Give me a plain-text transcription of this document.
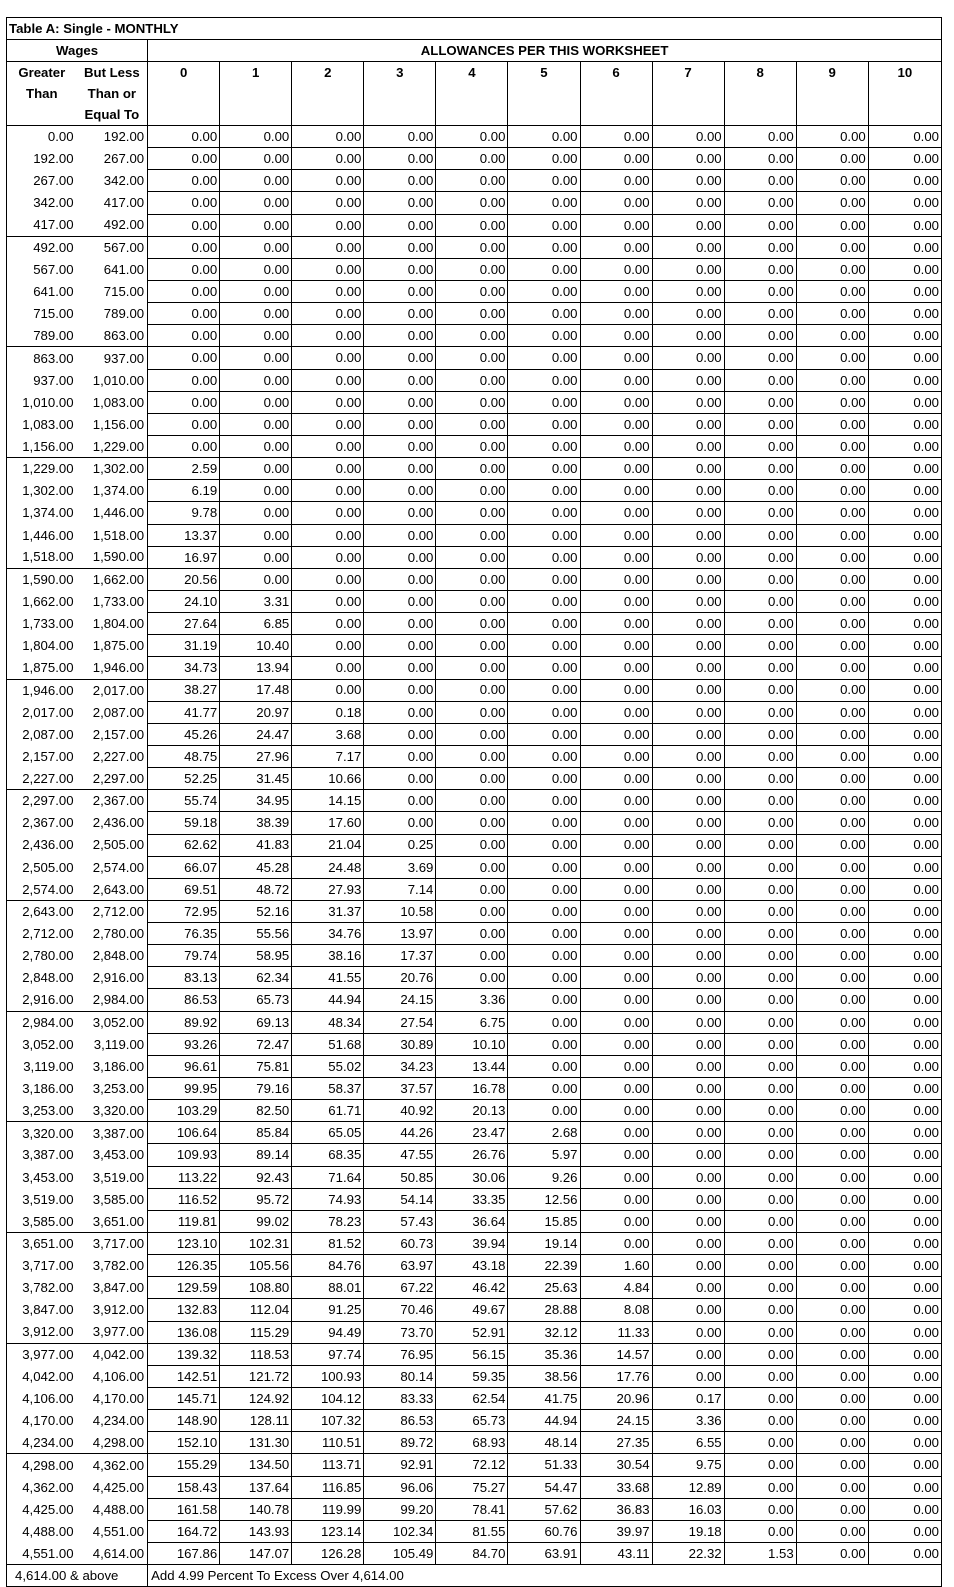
Table A: Single - MONTHLY												
Wages		ALLOWANCES PER THIS WORKSHEET										
Greater	But Less	0	1	2	3	4	5	6	7	8	9	10
Than	Than or											
	Equal To											
0.00	192.00	0.00	0.00	0.00	0.00	0.00	0.00	0.00	0.00	0.00	0.00	0.00
192.00	267.00	0.00	0.00	0.00	0.00	0.00	0.00	0.00	0.00	0.00	0.00	0.00
267.00	342.00	0.00	0.00	0.00	0.00	0.00	0.00	0.00	0.00	0.00	0.00	0.00
342.00	417.00	0.00	0.00	0.00	0.00	0.00	0.00	0.00	0.00	0.00	0.00	0.00
417.00	492.00	0.00	0.00	0.00	0.00	0.00	0.00	0.00	0.00	0.00	0.00	0.00
492.00	567.00	0.00	0.00	0.00	0.00	0.00	0.00	0.00	0.00	0.00	0.00	0.00
567.00	641.00	0.00	0.00	0.00	0.00	0.00	0.00	0.00	0.00	0.00	0.00	0.00
641.00	715.00	0.00	0.00	0.00	0.00	0.00	0.00	0.00	0.00	0.00	0.00	0.00
715.00	789.00	0.00	0.00	0.00	0.00	0.00	0.00	0.00	0.00	0.00	0.00	0.00
789.00	863.00	0.00	0.00	0.00	0.00	0.00	0.00	0.00	0.00	0.00	0.00	0.00
863.00	937.00	0.00	0.00	0.00	0.00	0.00	0.00	0.00	0.00	0.00	0.00	0.00
937.00	1,010.00	0.00	0.00	0.00	0.00	0.00	0.00	0.00	0.00	0.00	0.00	0.00
1,010.00	1,083.00	0.00	0.00	0.00	0.00	0.00	0.00	0.00	0.00	0.00	0.00	0.00
1,083.00	1,156.00	0.00	0.00	0.00	0.00	0.00	0.00	0.00	0.00	0.00	0.00	0.00
1,156.00	1,229.00	0.00	0.00	0.00	0.00	0.00	0.00	0.00	0.00	0.00	0.00	0.00
1,229.00	1,302.00	2.59	0.00	0.00	0.00	0.00	0.00	0.00	0.00	0.00	0.00	0.00
1,302.00	1,374.00	6.19	0.00	0.00	0.00	0.00	0.00	0.00	0.00	0.00	0.00	0.00
1,374.00	1,446.00	9.78	0.00	0.00	0.00	0.00	0.00	0.00	0.00	0.00	0.00	0.00
1,446.00	1,518.00	13.37	0.00	0.00	0.00	0.00	0.00	0.00	0.00	0.00	0.00	0.00
1,518.00	1,590.00	16.97	0.00	0.00	0.00	0.00	0.00	0.00	0.00	0.00	0.00	0.00
1,590.00	1,662.00	20.56	0.00	0.00	0.00	0.00	0.00	0.00	0.00	0.00	0.00	0.00
1,662.00	1,733.00	24.10	3.31	0.00	0.00	0.00	0.00	0.00	0.00	0.00	0.00	0.00
1,733.00	1,804.00	27.64	6.85	0.00	0.00	0.00	0.00	0.00	0.00	0.00	0.00	0.00
1,804.00	1,875.00	31.19	10.40	0.00	0.00	0.00	0.00	0.00	0.00	0.00	0.00	0.00
1,875.00	1,946.00	34.73	13.94	0.00	0.00	0.00	0.00	0.00	0.00	0.00	0.00	0.00
1,946.00	2,017.00	38.27	17.48	0.00	0.00	0.00	0.00	0.00	0.00	0.00	0.00	0.00
2,017.00	2,087.00	41.77	20.97	0.18	0.00	0.00	0.00	0.00	0.00	0.00	0.00	0.00
2,087.00	2,157.00	45.26	24.47	3.68	0.00	0.00	0.00	0.00	0.00	0.00	0.00	0.00
2,157.00	2,227.00	48.75	27.96	7.17	0.00	0.00	0.00	0.00	0.00	0.00	0.00	0.00
2,227.00	2,297.00	52.25	31.45	10.66	0.00	0.00	0.00	0.00	0.00	0.00	0.00	0.00
2,297.00	2,367.00	55.74	34.95	14.15	0.00	0.00	0.00	0.00	0.00	0.00	0.00	0.00
2,367.00	2,436.00	59.18	38.39	17.60	0.00	0.00	0.00	0.00	0.00	0.00	0.00	0.00
2,436.00	2,505.00	62.62	41.83	21.04	0.25	0.00	0.00	0.00	0.00	0.00	0.00	0.00
2,505.00	2,574.00	66.07	45.28	24.48	3.69	0.00	0.00	0.00	0.00	0.00	0.00	0.00
2,574.00	2,643.00	69.51	48.72	27.93	7.14	0.00	0.00	0.00	0.00	0.00	0.00	0.00
2,643.00	2,712.00	72.95	52.16	31.37	10.58	0.00	0.00	0.00	0.00	0.00	0.00	0.00
2,712.00	2,780.00	76.35	55.56	34.76	13.97	0.00	0.00	0.00	0.00	0.00	0.00	0.00
2,780.00	2,848.00	79.74	58.95	38.16	17.37	0.00	0.00	0.00	0.00	0.00	0.00	0.00
2,848.00	2,916.00	83.13	62.34	41.55	20.76	0.00	0.00	0.00	0.00	0.00	0.00	0.00
2,916.00	2,984.00	86.53	65.73	44.94	24.15	3.36	0.00	0.00	0.00	0.00	0.00	0.00
2,984.00	3,052.00	89.92	69.13	48.34	27.54	6.75	0.00	0.00	0.00	0.00	0.00	0.00
3,052.00	3,119.00	93.26	72.47	51.68	30.89	10.10	0.00	0.00	0.00	0.00	0.00	0.00
3,119.00	3,186.00	96.61	75.81	55.02	34.23	13.44	0.00	0.00	0.00	0.00	0.00	0.00
3,186.00	3,253.00	99.95	79.16	58.37	37.57	16.78	0.00	0.00	0.00	0.00	0.00	0.00
3,253.00	3,320.00	103.29	82.50	61.71	40.92	20.13	0.00	0.00	0.00	0.00	0.00	0.00
3,320.00	3,387.00	106.64	85.84	65.05	44.26	23.47	2.68	0.00	0.00	0.00	0.00	0.00
3,387.00	3,453.00	109.93	89.14	68.35	47.55	26.76	5.97	0.00	0.00	0.00	0.00	0.00
3,453.00	3,519.00	113.22	92.43	71.64	50.85	30.06	9.26	0.00	0.00	0.00	0.00	0.00
3,519.00	3,585.00	116.52	95.72	74.93	54.14	33.35	12.56	0.00	0.00	0.00	0.00	0.00
3,585.00	3,651.00	119.81	99.02	78.23	57.43	36.64	15.85	0.00	0.00	0.00	0.00	0.00
3,651.00	3,717.00	123.10	102.31	81.52	60.73	39.94	19.14	0.00	0.00	0.00	0.00	0.00
3,717.00	3,782.00	126.35	105.56	84.76	63.97	43.18	22.39	1.60	0.00	0.00	0.00	0.00
3,782.00	3,847.00	129.59	108.80	88.01	67.22	46.42	25.63	4.84	0.00	0.00	0.00	0.00
3,847.00	3,912.00	132.83	112.04	91.25	70.46	49.67	28.88	8.08	0.00	0.00	0.00	0.00
3,912.00	3,977.00	136.08	115.29	94.49	73.70	52.91	32.12	11.33	0.00	0.00	0.00	0.00
3,977.00	4,042.00	139.32	118.53	97.74	76.95	56.15	35.36	14.57	0.00	0.00	0.00	0.00
4,042.00	4,106.00	142.51	121.72	100.93	80.14	59.35	38.56	17.76	0.00	0.00	0.00	0.00
4,106.00	4,170.00	145.71	124.92	104.12	83.33	62.54	41.75	20.96	0.17	0.00	0.00	0.00
4,170.00	4,234.00	148.90	128.11	107.32	86.53	65.73	44.94	24.15	3.36	0.00	0.00	0.00
4,234.00	4,298.00	152.10	131.30	110.51	89.72	68.93	48.14	27.35	6.55	0.00	0.00	0.00
4,298.00	4,362.00	155.29	134.50	113.71	92.91	72.12	51.33	30.54	9.75	0.00	0.00	0.00
4,362.00	4,425.00	158.43	137.64	116.85	96.06	75.27	54.47	33.68	12.89	0.00	0.00	0.00
4,425.00	4,488.00	161.58	140.78	119.99	99.20	78.41	57.62	36.83	16.03	0.00	0.00	0.00
4,488.00	4,551.00	164.72	143.93	123.14	102.34	81.55	60.76	39.97	19.18	0.00	0.00	0.00
4,551.00	4,614.00	167.86	147.07	126.28	105.49	84.70	63.91	43.11	22.32	1.53	0.00	0.00
4,614.00 & above		Add 4.99 Percent To Excess Over 4,614.00										
